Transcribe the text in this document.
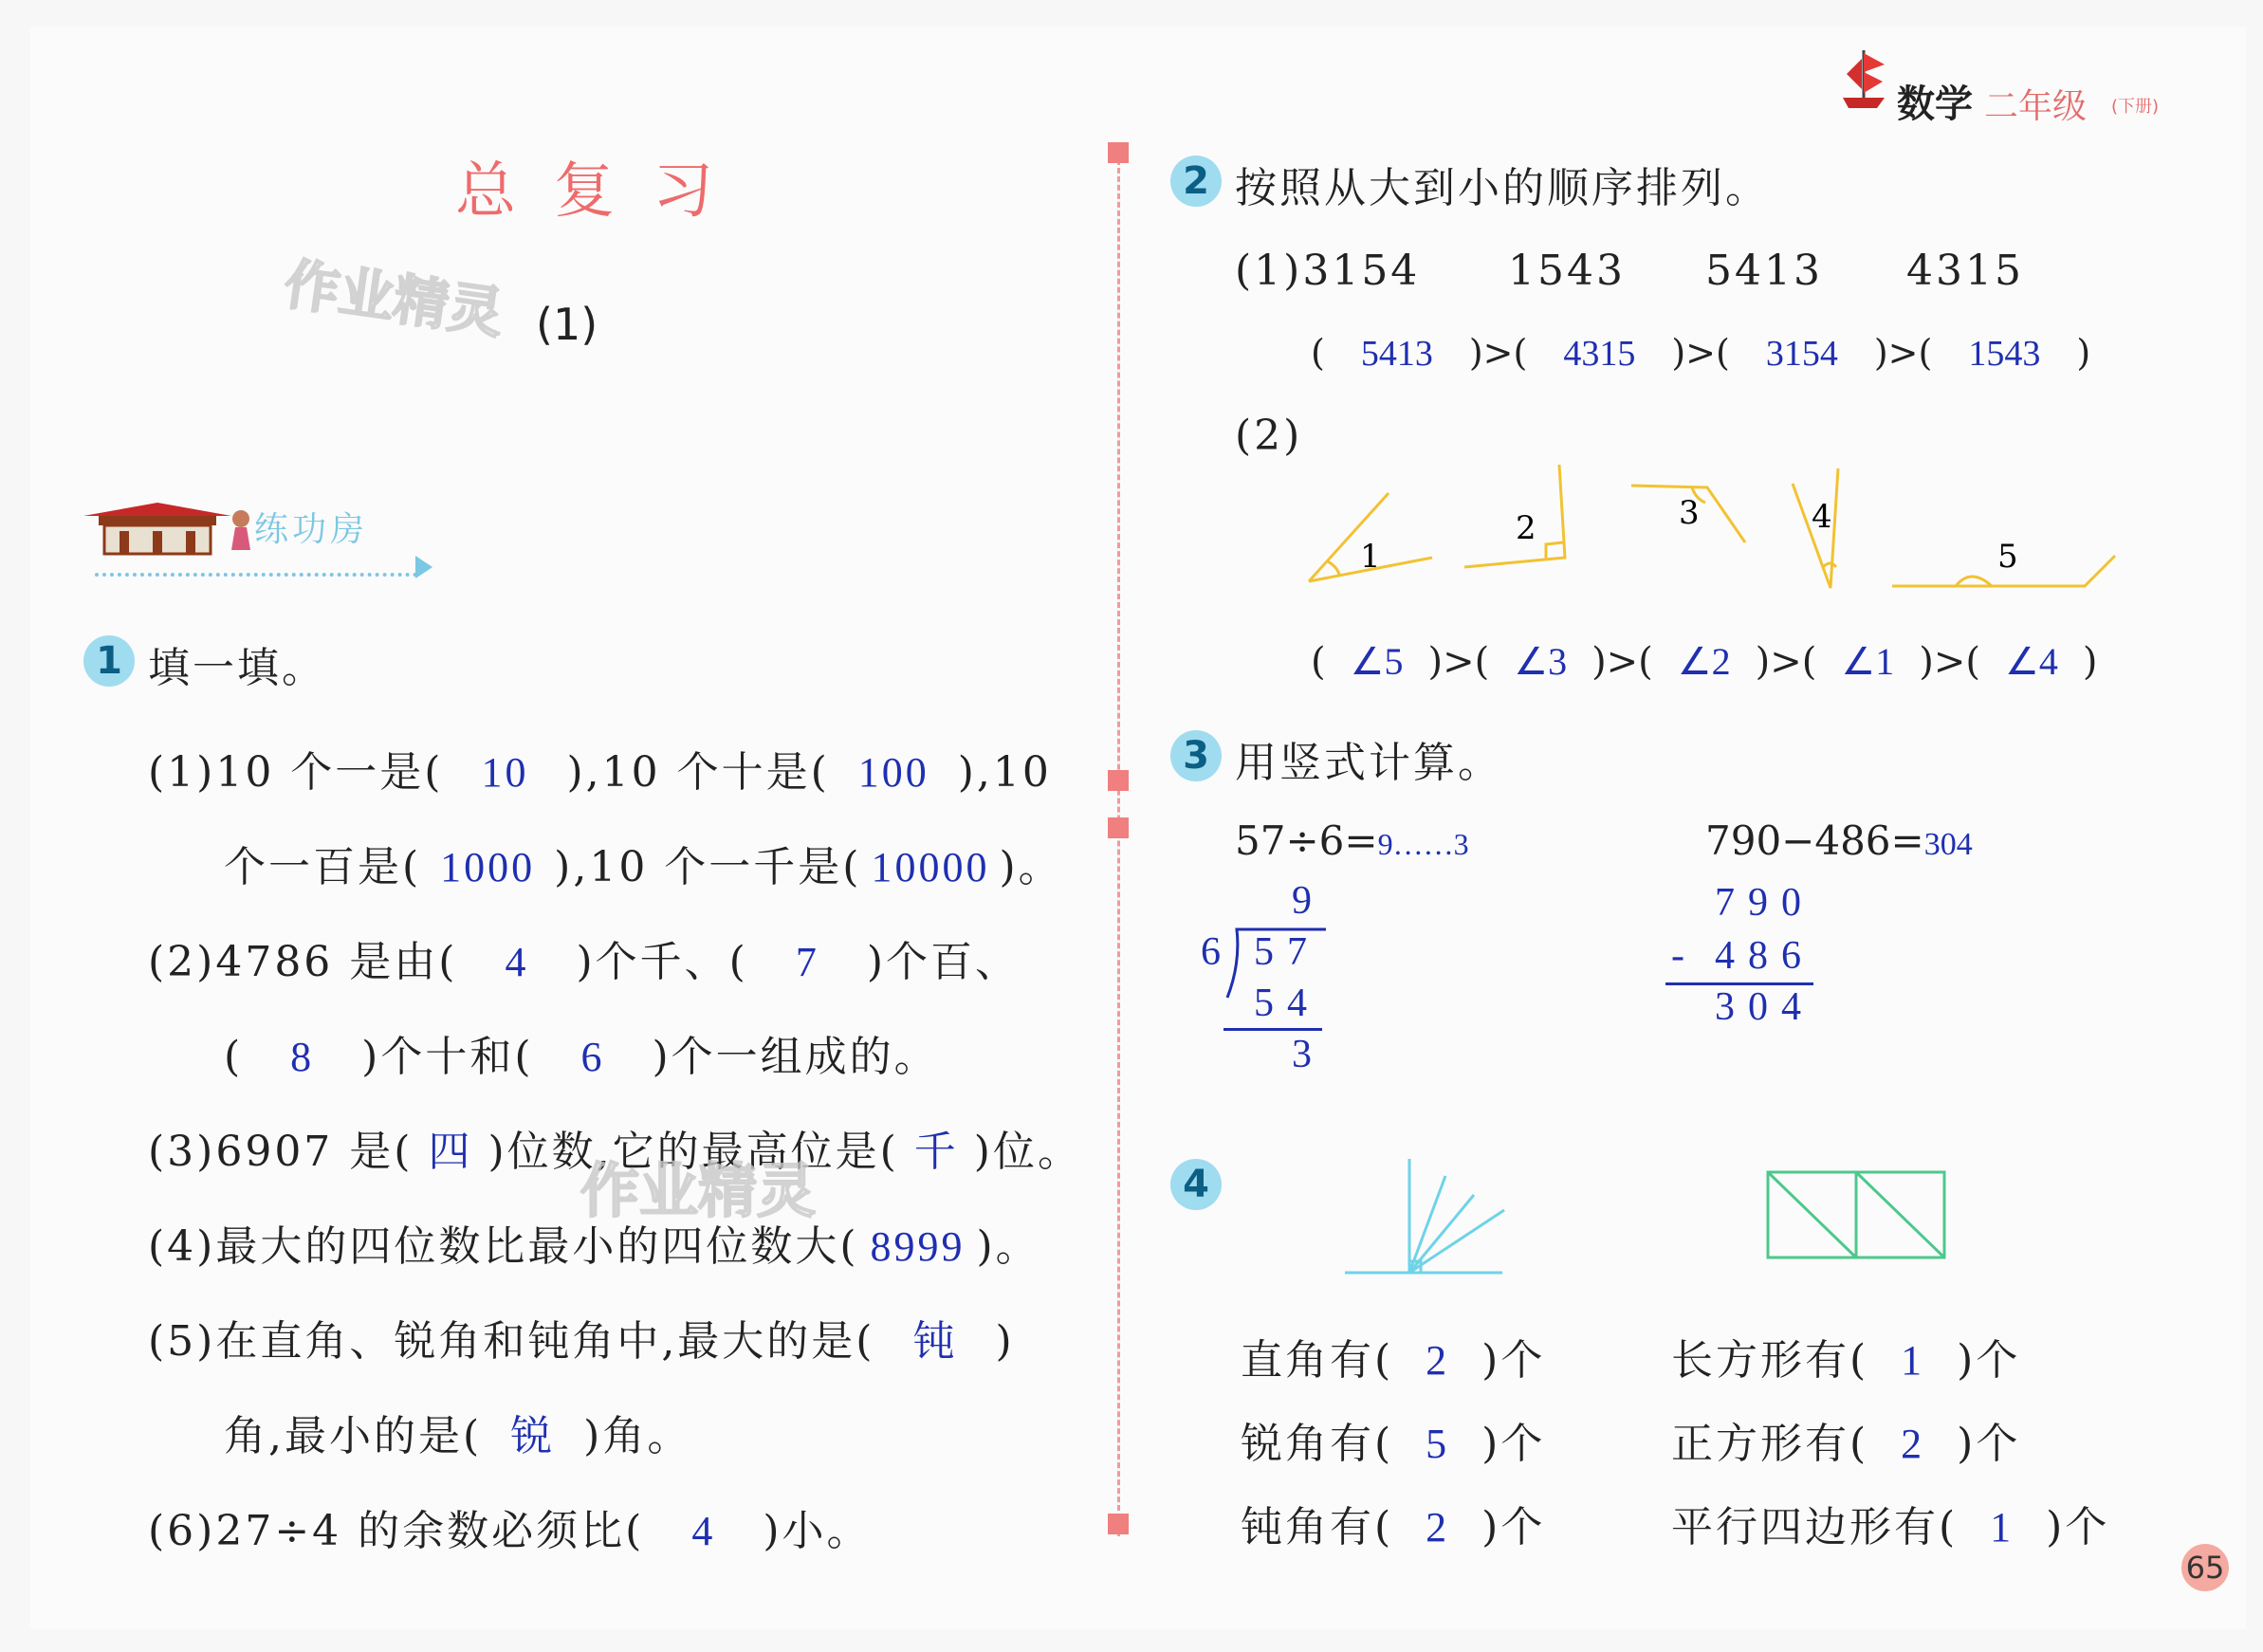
数学 二年级 (下册)
总复习
作业精灵 (1)
练功房
1 填一填。
(1)10 个一是( 10 ),10 个十是( 100 ),10
个一百是( 1000 ),10 个一千是( 10000 )。
(2)4786 是由( 4 )个千、( 7 )个百、
( 8 )个十和( 6 )个一组成的。
(3)6907 是( 四 )位数,它的最高位是( 千 )位。
作业精灵
(4)最大的四位数比最小的四位数大( 8999 )。
(5)在直角、锐角和钝角中,最大的是( 钝 )
角,最小的是( 锐 )角。
(6)27÷4 的余数必须比( 4 )小。
2 按照从大到小的顺序排列。
(1)3154 1543 5413 4315
( 5413 )>( 4315 )>( 3154 )>( 1543 )
(2)
1
2	3	4
5
( ∠5 )>( ∠3 )>( ∠2 )>( ∠1 )>( ∠4 )
3 用竖式计算。
57÷6=9……3	790−486=304
9
6 57
54
3
790
- 486
304
4
直角有( 2 )个
锐角有( 5 )个
钝角有( 2 )个
长方形有( 1 )个
正方形有( 2 )个
平行四边形有( 1 )个
65
